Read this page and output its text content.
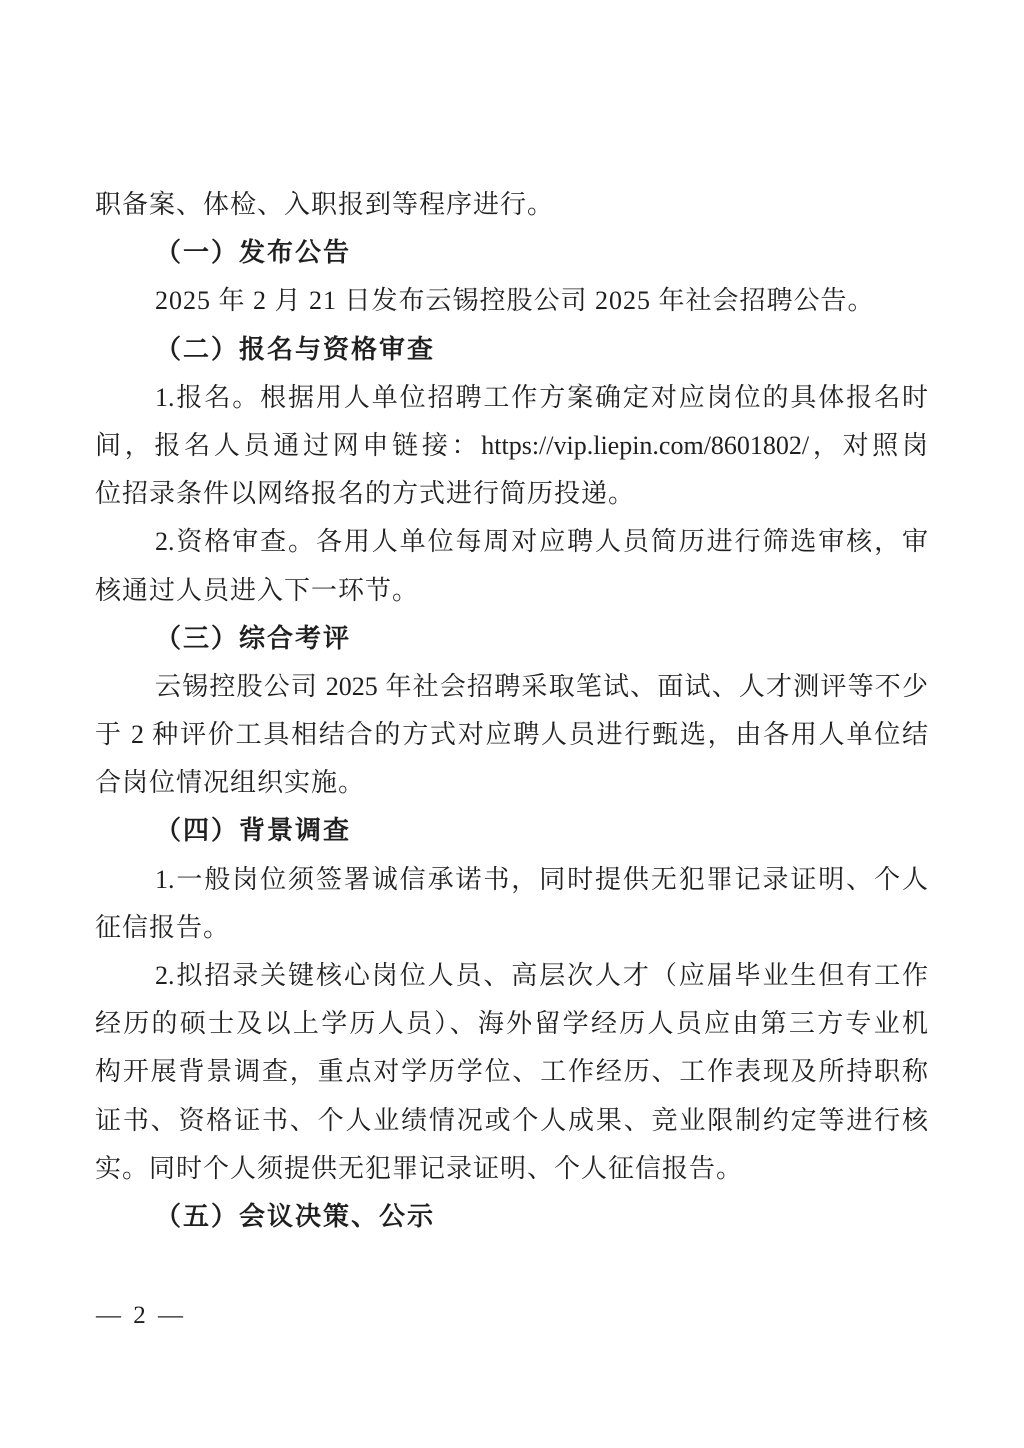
职备案、体检、入职报到等程序进行。
（一）发布公告
2025 年 2 月 21 日发布云锡控股公司 2025 年社会招聘公告。
（二）报名与资格审查
1.报名。根据用人单位招聘工作方案确定对应岗位的具体报名时
间，报名人员通过网申链接：https://vip.liepin.com/8601802/，对照岗
位招录条件以网络报名的方式进行简历投递。
2.资格审查。各用人单位每周对应聘人员简历进行筛选审核，审
核通过人员进入下一环节。
（三）综合考评
云锡控股公司 2025 年社会招聘采取笔试、面试、人才测评等不少
于 2 种评价工具相结合的方式对应聘人员进行甄选，由各用人单位结
合岗位情况组织实施。
（四）背景调查
1.一般岗位须签署诚信承诺书，同时提供无犯罪记录证明、个人
征信报告。
2.拟招录关键核心岗位人员、高层次人才（应届毕业生但有工作
经历的硕士及以上学历人员）、海外留学经历人员应由第三方专业机
构开展背景调查，重点对学历学位、工作经历、工作表现及所持职称
证书、资格证书、个人业绩情况或个人成果、竞业限制约定等进行核
实。同时个人须提供无犯罪记录证明、个人征信报告。
（五）会议决策、公示
— 2 —
